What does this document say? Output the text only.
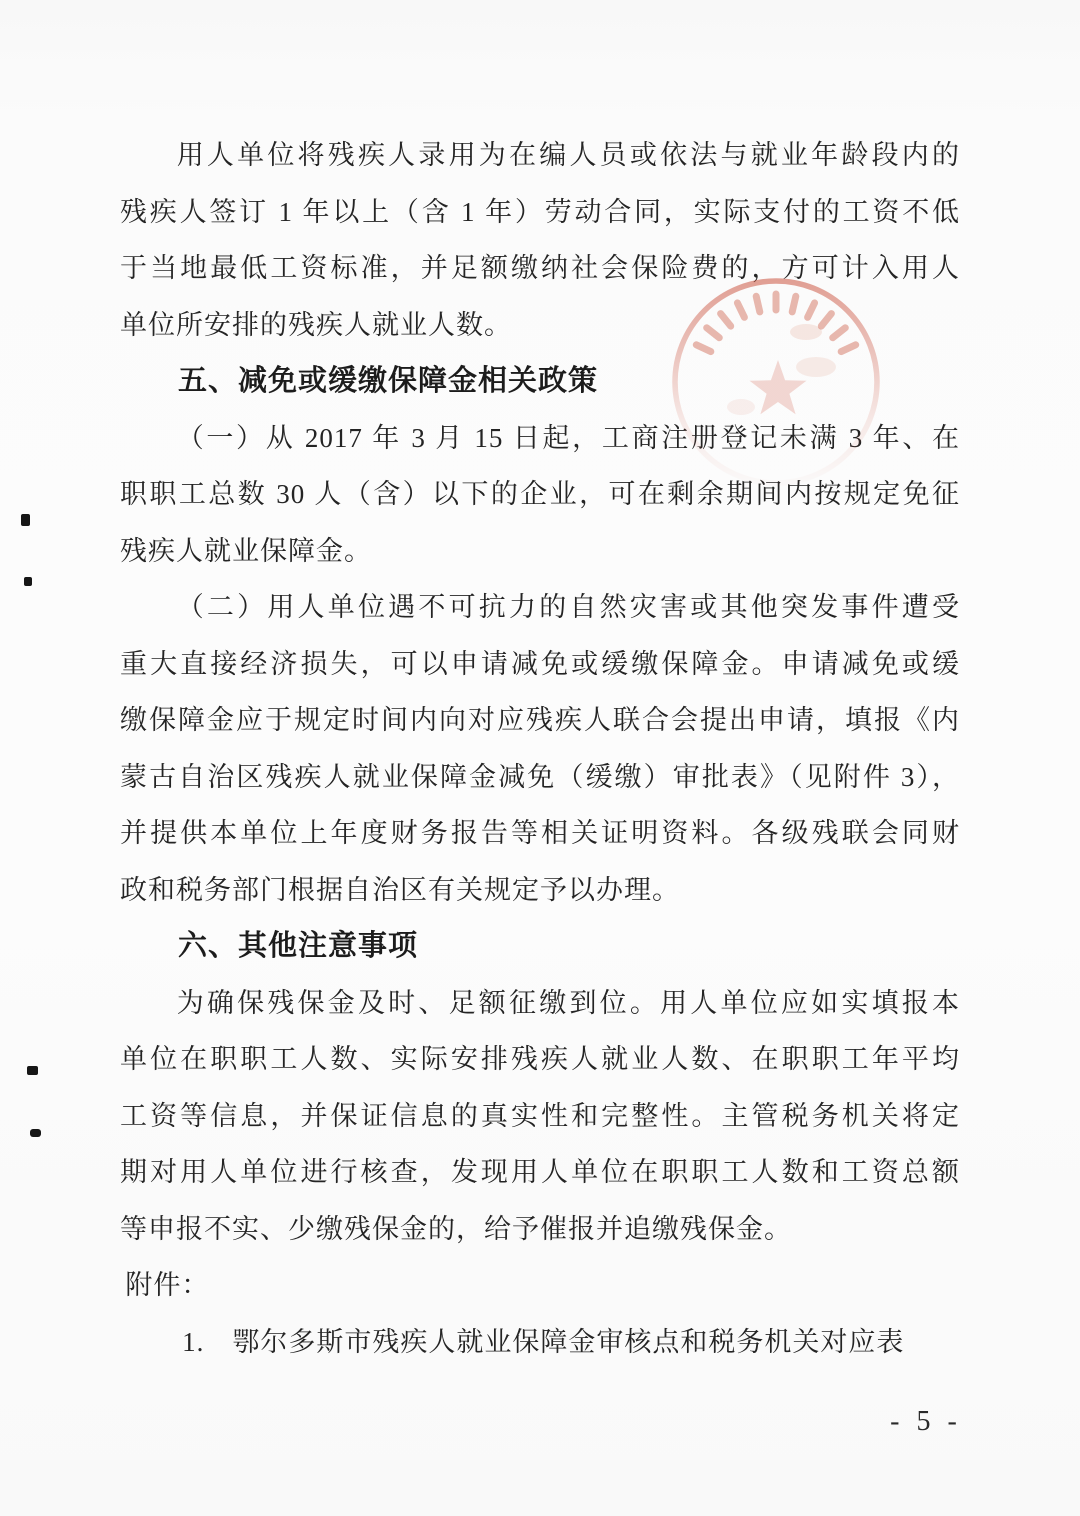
用人单位将残疾人录用为在编人员或依法与就业年龄段内的
残疾人签订 1 年以上（含 1 年）劳动合同，实际支付的工资不低
于当地最低工资标准，并足额缴纳社会保险费的，方可计入用人
单位所安排的残疾人就业人数。
五、减免或缓缴保障金相关政策
（一）从 2017 年 3 月 15 日起，工商注册登记未满 3 年、在
职职工总数 30 人（含）以下的企业，可在剩余期间内按规定免征
残疾人就业保障金。
（二）用人单位遇不可抗力的自然灾害或其他突发事件遭受
重大直接经济损失，可以申请减免或缓缴保障金。申请减免或缓
缴保障金应于规定时间内向对应残疾人联合会提出申请，填报《内
蒙古自治区残疾人就业保障金减免（缓缴）审批表》（见附件 3），
并提供本单位上年度财务报告等相关证明资料。各级残联会同财
政和税务部门根据自治区有关规定予以办理。
六、其他注意事项
为确保残保金及时、足额征缴到位。用人单位应如实填报本
单位在职职工人数、实际安排残疾人就业人数、在职职工年平均
工资等信息，并保证信息的真实性和完整性。主管税务机关将定
期对用人单位进行核查，发现用人单位在职职工人数和工资总额
等申报不实、少缴残保金的，给予催报并追缴残保金。
附件：
1.　鄂尔多斯市残疾人就业保障金审核点和税务机关对应表
- 5 -
